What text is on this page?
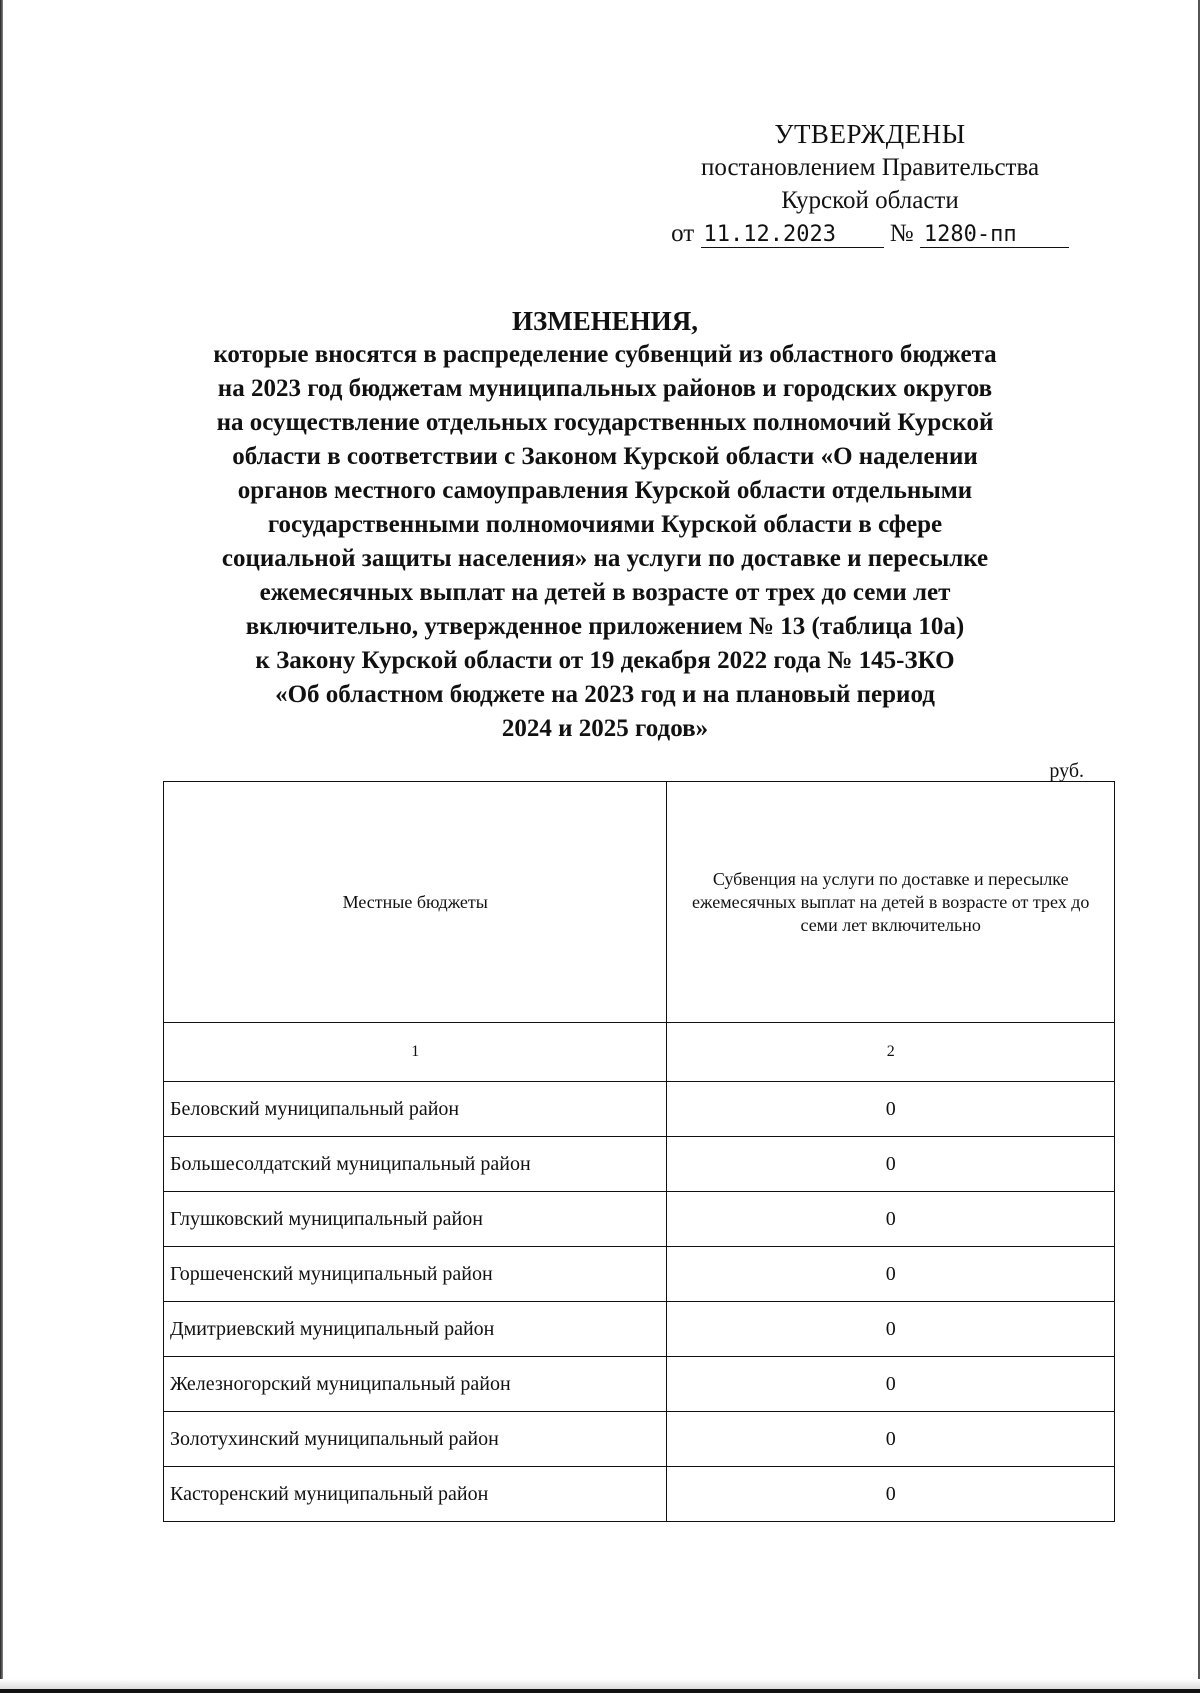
УТВЕРЖДЕНЫ
постановлением Правительства
Курской области
от 11.12.2023 № 1280-пп
ИЗМЕНЕНИЯ,
которые вносятся в распределение субвенций из областного бюджета
на 2023 год бюджетам муниципальных районов и городских округов
на осуществление отдельных государственных полномочий Курской
области в соответствии с Законом Курской области «О наделении
органов местного самоуправления Курской области отдельными
государственными полномочиями Курской области в сфере
социальной защиты населения» на услуги по доставке и пересылке
ежемесячных выплат на детей в возрасте от трех до семи лет
включительно, утвержденное приложением № 13 (таблица 10а)
к Закону Курской области от 19 декабря 2022 года № 145-ЗКО
«Об областном бюджете на 2023 год и на плановый период
2024 и 2025 годов»
руб.
Местные бюджеты	Субвенция на услуги по доставке и пересылке ежемесячных выплат на детей в возрасте от трех до семи лет включительно
1	2
Беловский муниципальный район	0
Большесолдатский муниципальный район	0
Глушковский муниципальный район	0
Горшеченский муниципальный район	0
Дмитриевский муниципальный район	0
Железногорский муниципальный район	0
Золотухинский муниципальный район	0
Касторенский муниципальный район	0
